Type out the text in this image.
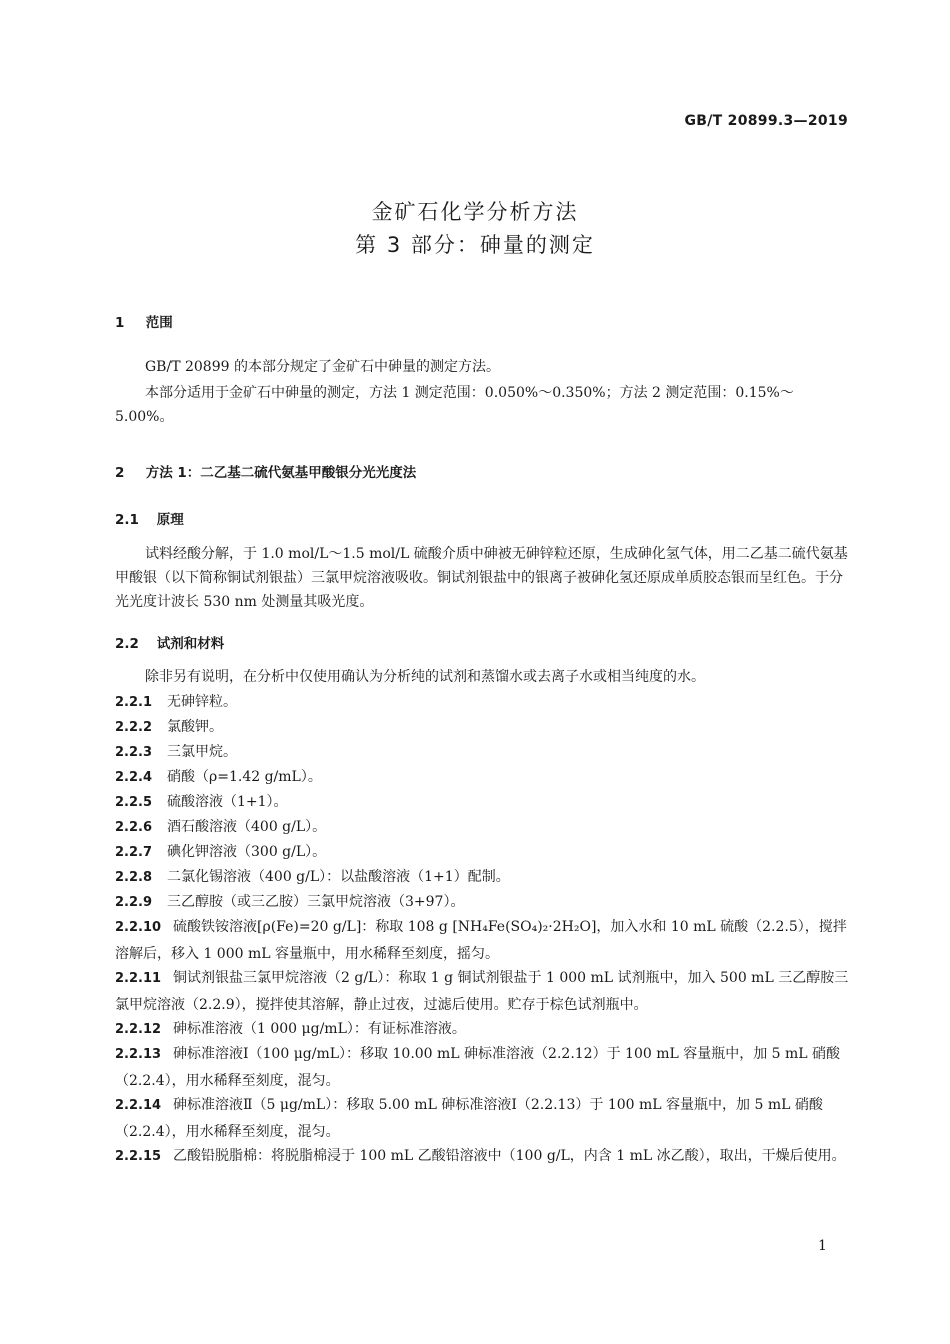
GB/T 20899.3—2019
金矿石化学分析方法
第 3 部分：砷量的测定
1 范围
GB/T 20899 的本部分规定了金矿石中砷量的测定方法。
本部分适用于金矿石中砷量的测定，方法 1 测定范围：0.050%～0.350%；方法 2 测定范围：0.15%～5.00%。
2 方法 1：二乙基二硫代氨基甲酸银分光光度法
2.1 原理
试料经酸分解，于 1.0 mol/L～1.5 mol/L 硫酸介质中砷被无砷锌粒还原，生成砷化氢气体，用二乙基二硫代氨基甲酸银（以下简称铜试剂银盐）三氯甲烷溶液吸收。铜试剂银盐中的银离子被砷化氢还原成单质胶态银而呈红色。于分光光度计波长 530 nm 处测量其吸光度。
2.2 试剂和材料
除非另有说明，在分析中仅使用确认为分析纯的试剂和蒸馏水或去离子水或相当纯度的水。
2.2.1 无砷锌粒。
2.2.2 氯酸钾。
2.2.3 三氯甲烷。
2.2.4 硝酸（ρ=1.42 g/mL）。
2.2.5 硫酸溶液（1+1）。
2.2.6 酒石酸溶液（400 g/L）。
2.2.7 碘化钾溶液（300 g/L）。
2.2.8 二氯化锡溶液（400 g/L）：以盐酸溶液（1+1）配制。
2.2.9 三乙醇胺（或三乙胺）三氯甲烷溶液（3+97）。
2.2.10 硫酸铁铵溶液[ρ(Fe)=20 g/L]：称取 108 g [NH₄Fe(SO₄)₂·2H₂O]，加入水和 10 mL 硫酸（2.2.5），搅拌溶解后，移入 1 000 mL 容量瓶中，用水稀释至刻度，摇匀。
2.2.11 铜试剂银盐三氯甲烷溶液（2 g/L）：称取 1 g 铜试剂银盐于 1 000 mL 试剂瓶中，加入 500 mL 三乙醇胺三氯甲烷溶液（2.2.9），搅拌使其溶解，静止过夜，过滤后使用。贮存于棕色试剂瓶中。
2.2.12 砷标准溶液（1 000 μg/mL）：有证标准溶液。
2.2.13 砷标准溶液Ⅰ（100 μg/mL）：移取 10.00 mL 砷标准溶液（2.2.12）于 100 mL 容量瓶中，加 5 mL 硝酸（2.2.4），用水稀释至刻度，混匀。
2.2.14 砷标准溶液Ⅱ（5 μg/mL）：移取 5.00 mL 砷标准溶液Ⅰ（2.2.13）于 100 mL 容量瓶中，加 5 mL 硝酸（2.2.4），用水稀释至刻度，混匀。
2.2.15 乙酸铅脱脂棉：将脱脂棉浸于 100 mL 乙酸铅溶液中（100 g/L，内含 1 mL 冰乙酸），取出，干燥后使用。
1
